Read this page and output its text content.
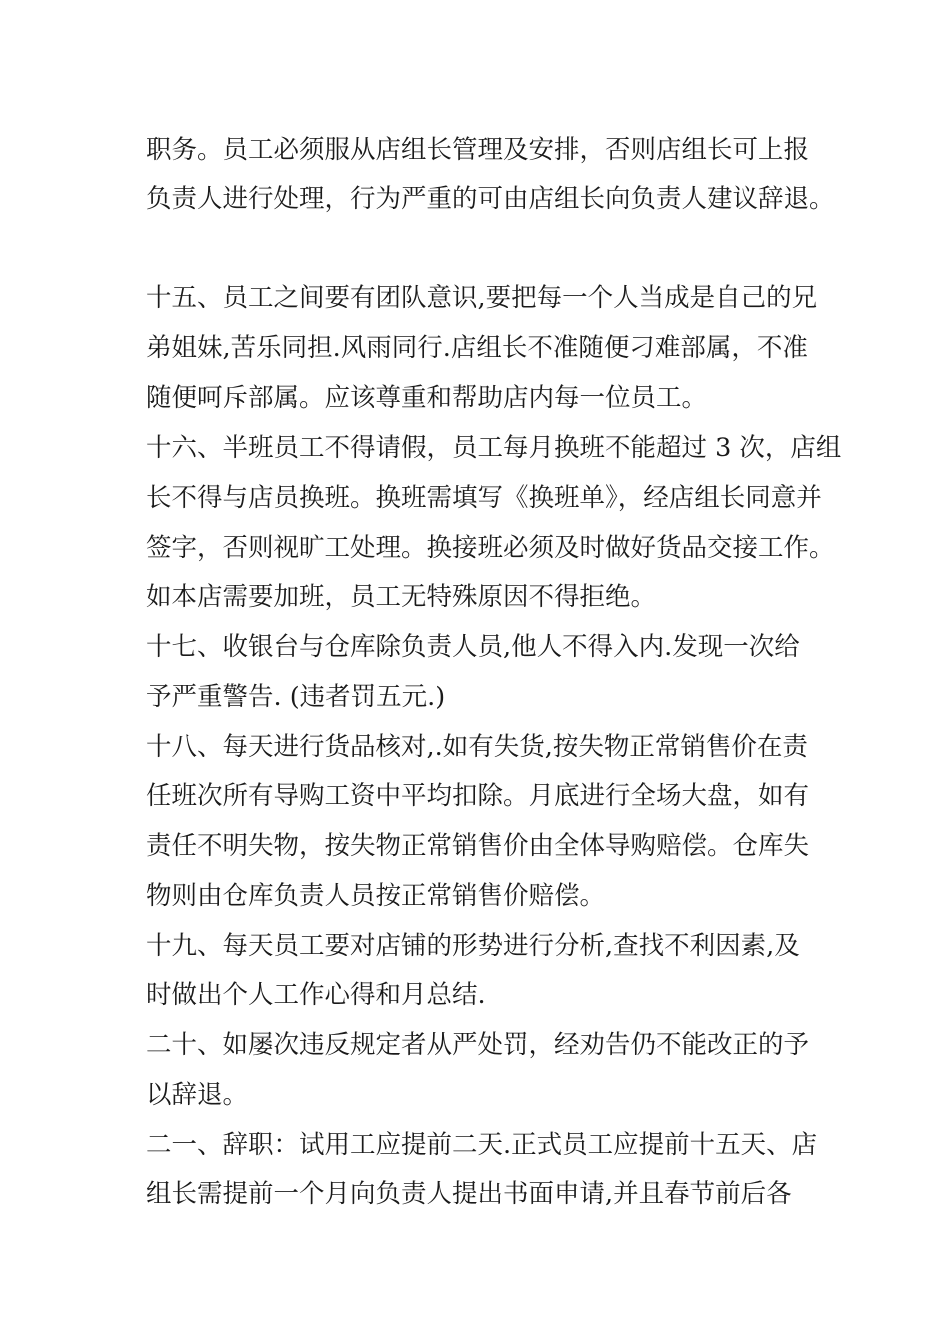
职务。员工必须服从店组长管理及安排，否则店组长可上报
负责人进行处理，行为严重的可由店组长向负责人建议辞退。
十五、员工之间要有团队意识,要把每一个人当成是自己的兄
弟姐妹,苦乐同担.风雨同行.店组长不准随便刁难部属，不准
随便呵斥部属。应该尊重和帮助店内每一位员工。
十六、半班员工不得请假，员工每月换班不能超过 3 次，店组
长不得与店员换班。换班需填写《换班单》，经店组长同意并
签字，否则视旷工处理。换接班必须及时做好货品交接工作。
如本店需要加班，员工无特殊原因不得拒绝。
十七、收银台与仓库除负责人员,他人不得入内.发现一次给
予严重警告. (违者罚五元.)
十八、每天进行货品核对,.如有失货,按失物正常销售价在责
任班次所有导购工资中平均扣除。月底进行全场大盘，如有
责任不明失物，按失物正常销售价由全体导购赔偿。仓库失
物则由仓库负责人员按正常销售价赔偿。
十九、每天员工要对店铺的形势进行分析,查找不利因素,及
时做出个人工作心得和月总结.
二十、如屡次违反规定者从严处罚，经劝告仍不能改正的予
以辞退。
二一、辞职：试用工应提前二天.正式员工应提前十五天、店
组长需提前一个月向负责人提出书面申请,并且春节前后各
